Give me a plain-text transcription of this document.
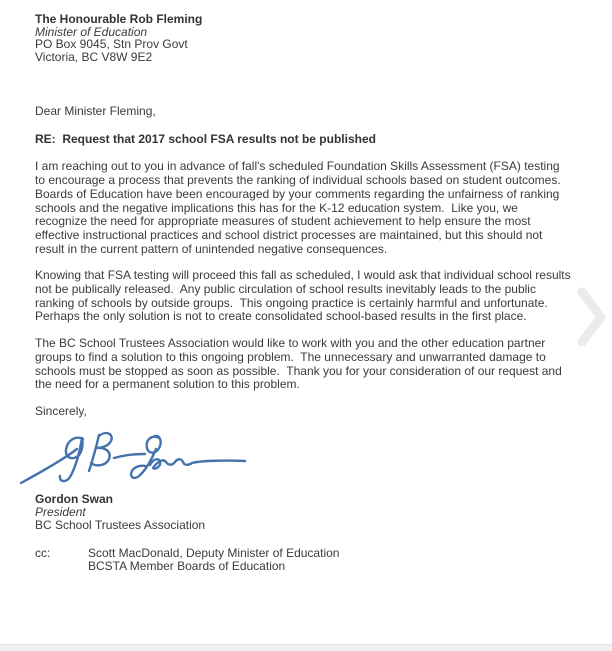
The Honourable Rob Fleming
Minister of Education
PO Box 9045, Stn Prov Govt
Victoria, BC V8W 9E2
Dear Minister Fleming,
RE:  Request that 2017 school FSA results not be published

I am reaching out to you in advance of fall's scheduled Foundation Skills Assessment (FSA) testing to encourage a process that prevents the ranking of individual schools based on student outcomes.  Boards of Education have been encouraged by your comments regarding the unfairness of ranking schools and the negative implications this has for the K-12 education system.  Like you, we recognize the need for appropriate measures of student achievement to help ensure the most effective instructional practices and school district processes are maintained, but this should not result in the current pattern of unintended negative consequences.

Knowing that FSA testing will proceed this fall as scheduled, I would ask that individual school results not be publically released.  Any public circulation of school results inevitably leads to the public ranking of schools by outside groups.  This ongoing practice is certainly harmful and unfortunate.  Perhaps the only solution is not to create consolidated school-based results in the first place.

The BC School Trustees Association would like to work with you and the other education partner groups to find a solution to this ongoing problem.  The unnecessary and unwarranted damage to schools must be stopped as soon as possible.  Thank you for your consideration of our request and the need for a permanent solution to this problem.

Sincerely,
Gordon Swan
President
BC School Trustees Association
cc:	Scott MacDonald, Deputy Minister of Education
BCSTA Member Boards of Education
